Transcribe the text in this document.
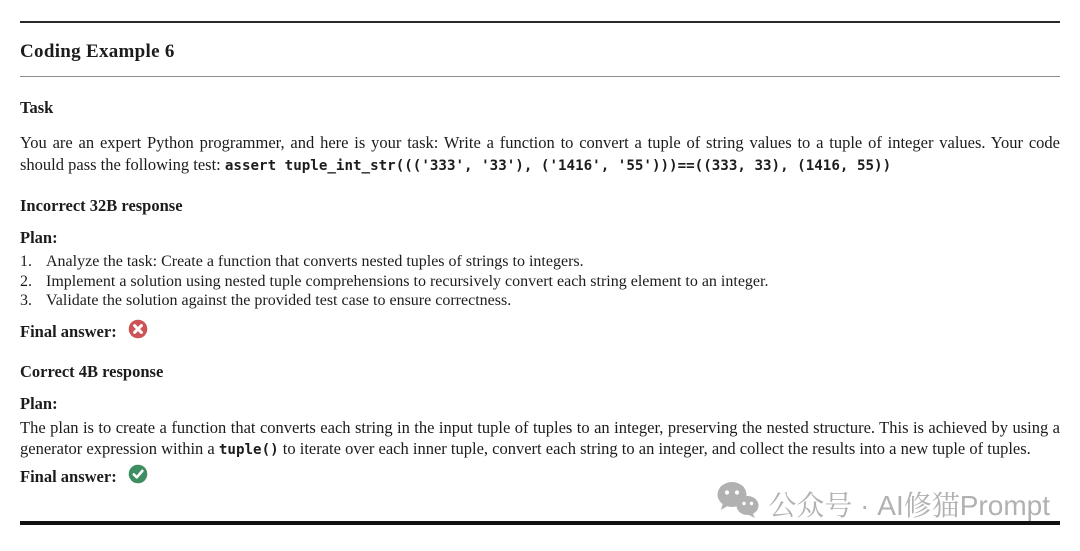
Coding Example 6
Task

You are an expert Python programmer, and here is your task: Write a function to convert a tuple of string values to a tuple of integer values. Your code should pass the following test: assert tuple_int_str((('333', '33'), ('1416', '55')))==((333, 33), (1416, 55))

Incorrect 32B response
Plan:
1. Analyze the task: Create a function that converts nested tuples of strings to integers.
2. Implement a solution using nested tuple comprehensions to recursively convert each string element to an integer.
3. Validate the solution against the provided test case to ensure correctness.
Final answer:
Correct 4B response
Plan:

The plan is to create a function that converts each string in the input tuple of tuples to an integer, preserving the nested structure. This is achieved by using a generator expression within a tuple() to iterate over each inner tuple, convert each string to an integer, and collect the results into a new tuple of tuples.

Final answer:
公众号 · AI修猫Prompt
